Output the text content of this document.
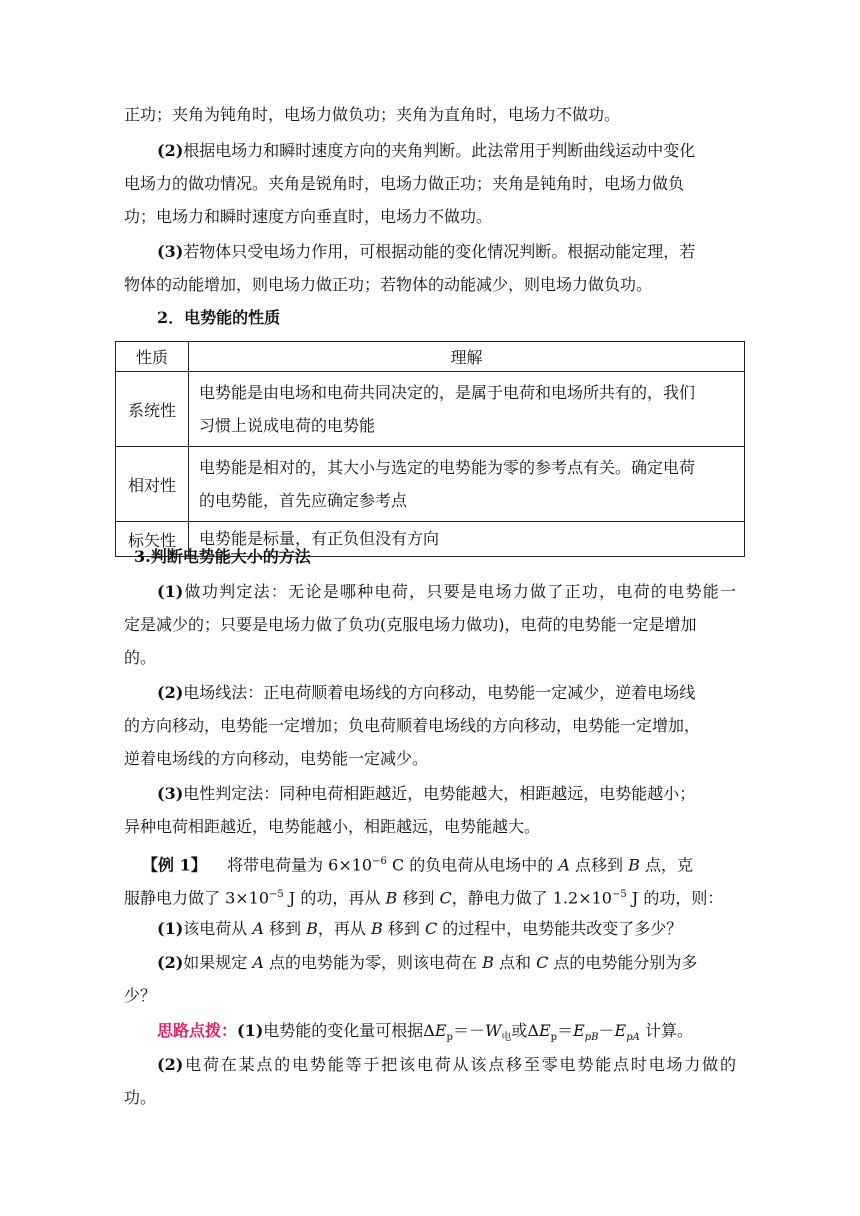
正功；夹角为钝角时，电场力做负功；夹角为直角时，电场力不做功。
(2)根据电场力和瞬时速度方向的夹角判断。此法常用于判断曲线运动中变化
电场力的做功情况。夹角是锐角时，电场力做正功；夹角是钝角时，电场力做负
功；电场力和瞬时速度方向垂直时，电场力不做功。
(3)若物体只受电场力作用，可根据动能的变化情况判断。根据动能定理，若
物体的动能增加，则电场力做正功；若物体的动能减少，则电场力做负功。
2．电势能的性质
性质	理解
系统性	电势能是由电场和电荷共同决定的，是属于电荷和电场所共有的，我们
习惯上说成电荷的电势能

相对性	电势能是相对的，其大小与选定的电势能为零的参考点有关。确定电荷
的电势能，首先应确定参考点

标矢性	电势能是标量，有正负但没有方向
3.判断电势能大小的方法
(1)做功判定法：无论是哪种电荷，只要是电场力做了正功，电荷的电势能一
定是减少的；只要是电场力做了负功(克服电场力做功)，电荷的电势能一定是增加
的。
(2)电场线法：正电荷顺着电场线的方向移动，电势能一定减少，逆着电场线
的方向移动，电势能一定增加；负电荷顺着电场线的方向移动，电势能一定增加，
逆着电场线的方向移动，电势能一定减少。
(3)电性判定法：同种电荷相距越近，电势能越大，相距越远，电势能越小；
异种电荷相距越近，电势能越小，相距越远，电势能越大。
【例 1】 将带电荷量为 $6\times 10^{-6}$ C 的负电荷从电场中的 A 点移到 B 点，克
服静电力做了 $3\times 10^{-5}$ J 的功，再从 B 移到 C，静电力做了 $1.2\times 10^{-5}$ J 的功，则：
(1)该电荷从 A 移到 B，再从 B 移到 C 的过程中，电势能共改变了多少？
(2)如果规定 A 点的电势能为零，则该电荷在 B 点和 C 点的电势能分别为多
少？
思路点拨：(1)电势能的变化量可根据$\Delta E_p=-W_电$或$\Delta E_p=E_{pB}-E_{pA}$ 计算。
(2)电荷在某点的电势能等于把该电荷从该点移至零电势能点时电场力做的
功。
